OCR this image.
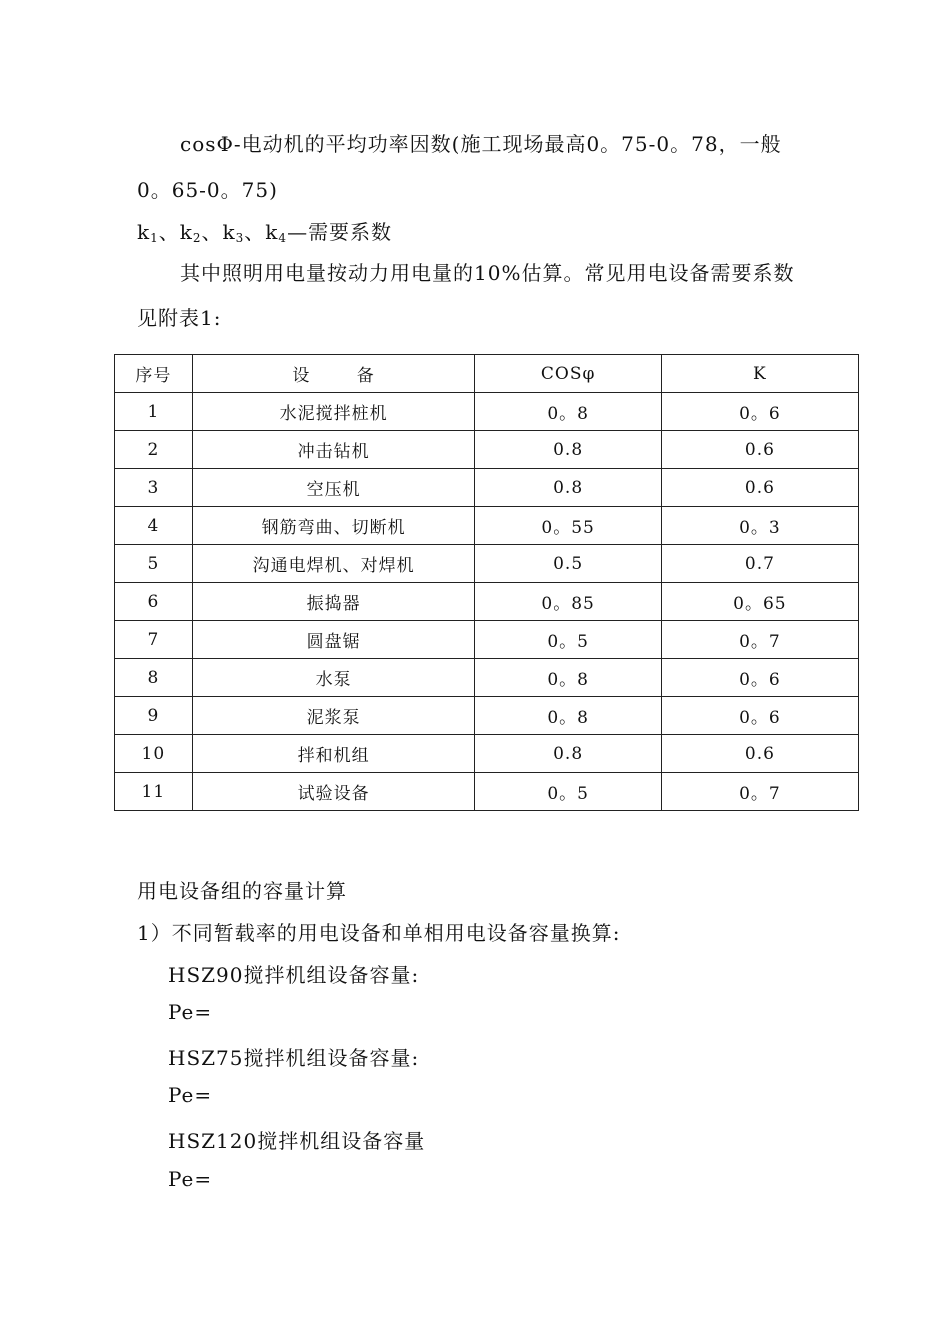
cosΦ-电动机的平均功率因数(施工现场最高0。75-0。78，一般
0。65-0。75)
$k_1$、$k_2$、$k_3$、$k_4—$需要系数
其中照明用电量按动力用电量的10%估算。常见用电设备需要系数
见附表1:
序号	设 备	COSφ	K
1	水泥搅拌桩机	0。8	0。6
2	冲击钻机	0.8	0.6
3	空压机	0.8	0.6
4	钢筋弯曲、切断机	0。55	0。3
5	沟通电焊机、对焊机	0.5	0.7
6	振捣器	0。85	0。65
7	圆盘锯	0。5	0。7
8	水泵	0。8	0。6
9	泥浆泵	0。8	0。6
10	拌和机组	0.8	0.6
11	试验设备	0。5	0。7
用电设备组的容量计算
1）不同暂载率的用电设备和单相用电设备容量换算:
HSZ90搅拌机组设备容量:
Pe=
HSZ75搅拌机组设备容量:
Pe=
HSZ120搅拌机组设备容量
Pe=
